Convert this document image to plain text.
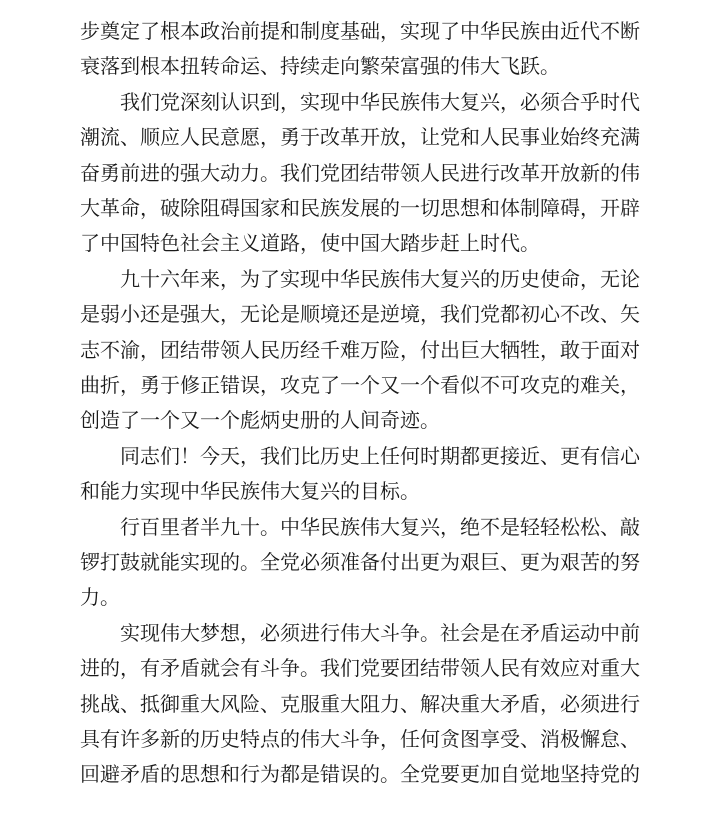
步奠定了根本政治前提和制度基础，实现了中华民族由近代不断
衰落到根本扭转命运、持续走向繁荣富强的伟大飞跃。
我们党深刻认识到，实现中华民族伟大复兴，必须合乎时代
潮流、顺应人民意愿，勇于改革开放，让党和人民事业始终充满
奋勇前进的强大动力。我们党团结带领人民进行改革开放新的伟
大革命，破除阻碍国家和民族发展的一切思想和体制障碍，开辟
了中国特色社会主义道路，使中国大踏步赶上时代。
九十六年来，为了实现中华民族伟大复兴的历史使命，无论
是弱小还是强大，无论是顺境还是逆境，我们党都初心不改、矢
志不渝，团结带领人民历经千难万险，付出巨大牺牲，敢于面对
曲折，勇于修正错误，攻克了一个又一个看似不可攻克的难关，
创造了一个又一个彪炳史册的人间奇迹。
同志们！今天，我们比历史上任何时期都更接近、更有信心
和能力实现中华民族伟大复兴的目标。
行百里者半九十。中华民族伟大复兴，绝不是轻轻松松、敲
锣打鼓就能实现的。全党必须准备付出更为艰巨、更为艰苦的努
力。
实现伟大梦想，必须进行伟大斗争。社会是在矛盾运动中前
进的，有矛盾就会有斗争。我们党要团结带领人民有效应对重大
挑战、抵御重大风险、克服重大阻力、解决重大矛盾，必须进行
具有许多新的历史特点的伟大斗争，任何贪图享受、消极懈怠、
回避矛盾的思想和行为都是错误的。全党要更加自觉地坚持党的
